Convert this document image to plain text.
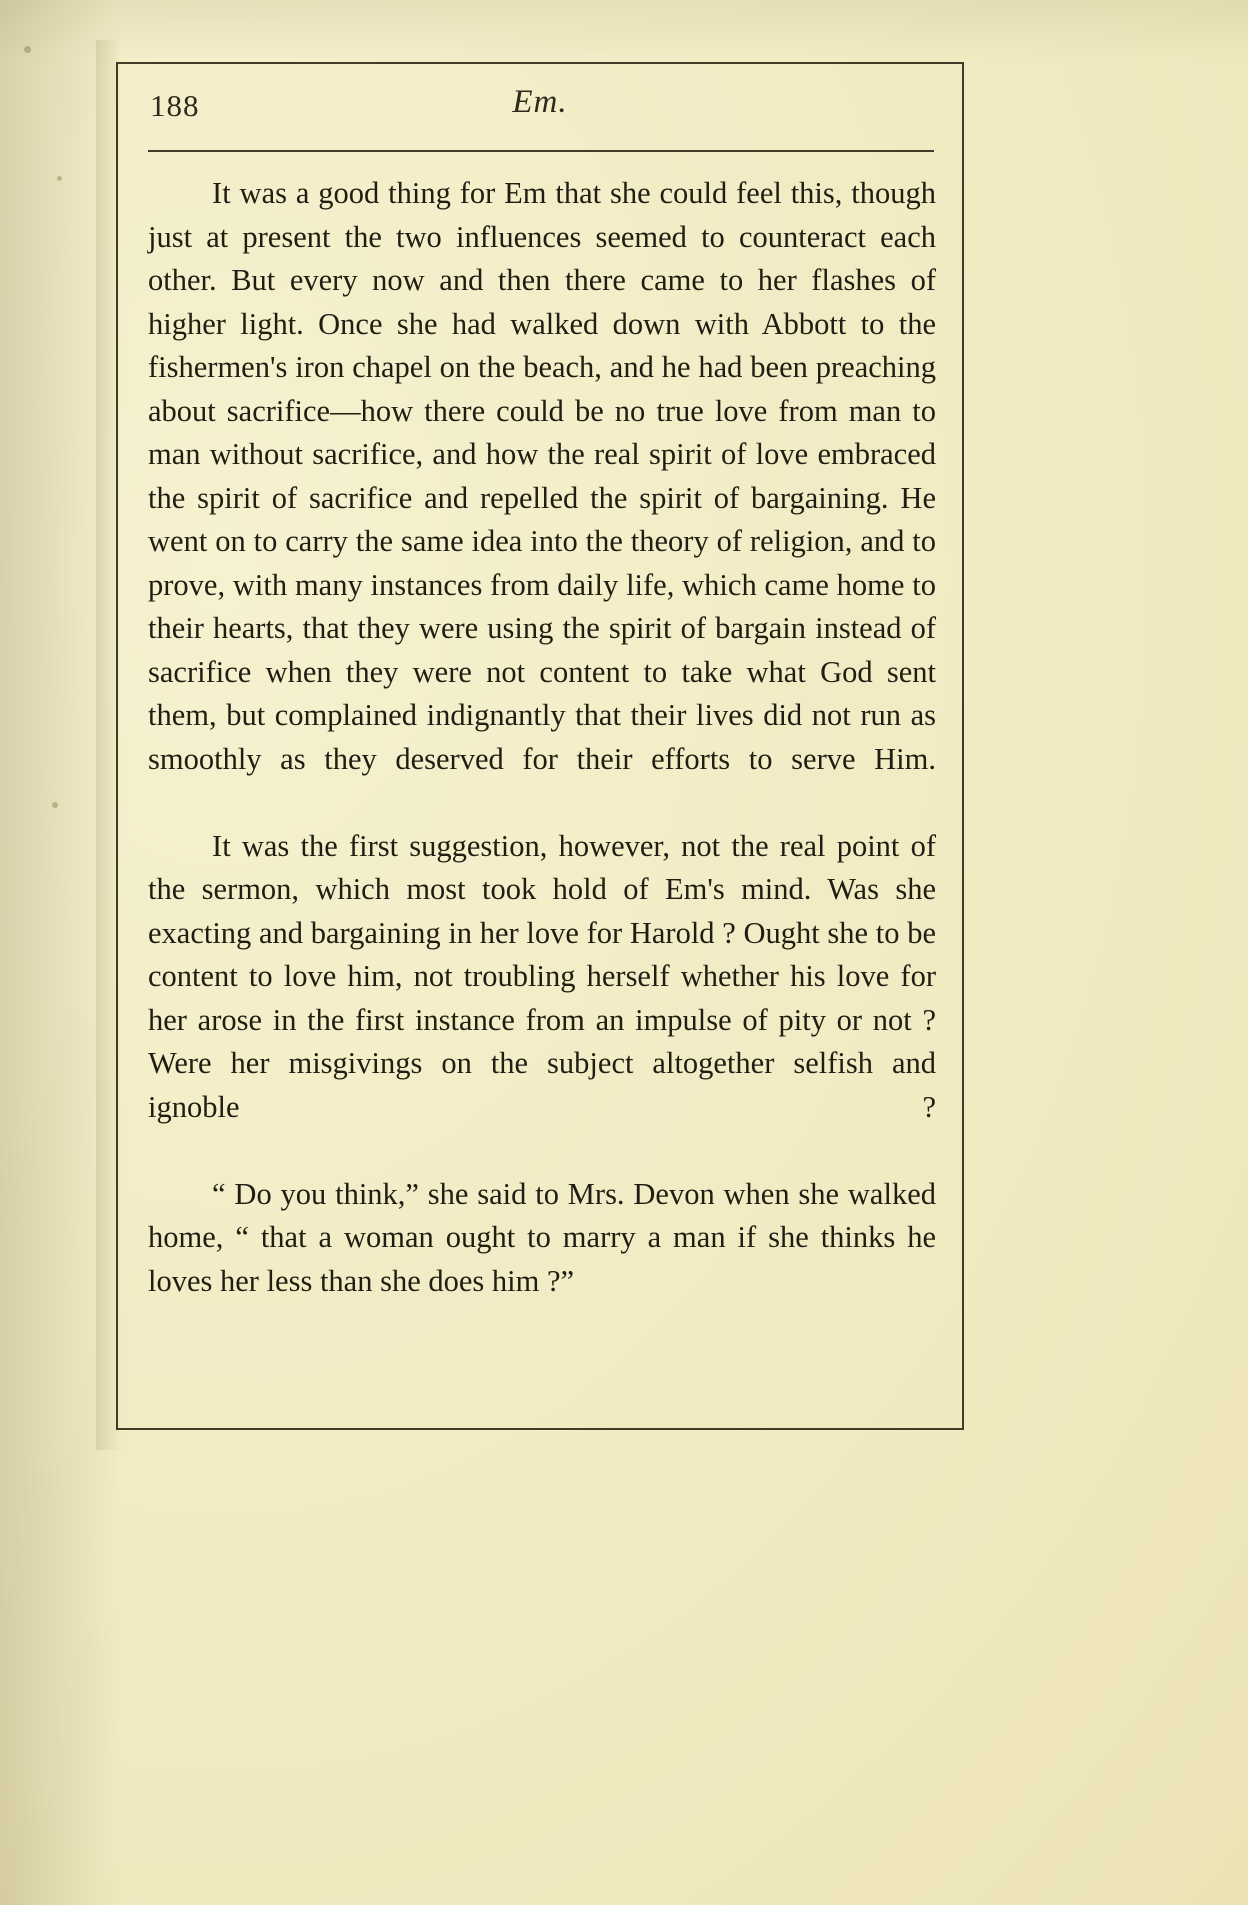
188	Em.

It was a good thing for Em that she could feel this, though just at present the two influences seemed to counteract each other. But every now and then there came to her flashes of higher light. Once she had walked down with Abbott to the fishermen's iron chapel on the beach, and he had been preaching about sacrifice—how there could be no true love from man to man without sacrifice, and how the real spirit of love embraced the spirit of sacrifice and repelled the spirit of bargaining. He went on to carry the same idea into the theory of religion, and to prove, with many instances from daily life, which came home to their hearts, that they were using the spirit of bargain instead of sacrifice when they were not content to take what God sent them, but complained indignantly that their lives did not run as smoothly as they deserved for their efforts to serve Him.

It was the first suggestion, however, not the real point of the sermon, which most took hold of Em's mind. Was she exacting and bargaining in her love for Harold ? Ought she to be content to love him, not troubling herself whether his love for her arose in the first instance from an impulse of pity or not ? Were her misgivings on the subject altogether selfish and ignoble ?

“ Do you think,” she said to Mrs. Devon when she walked home, “ that a woman ought to marry a man if she thinks he loves her less than she does him ?”
